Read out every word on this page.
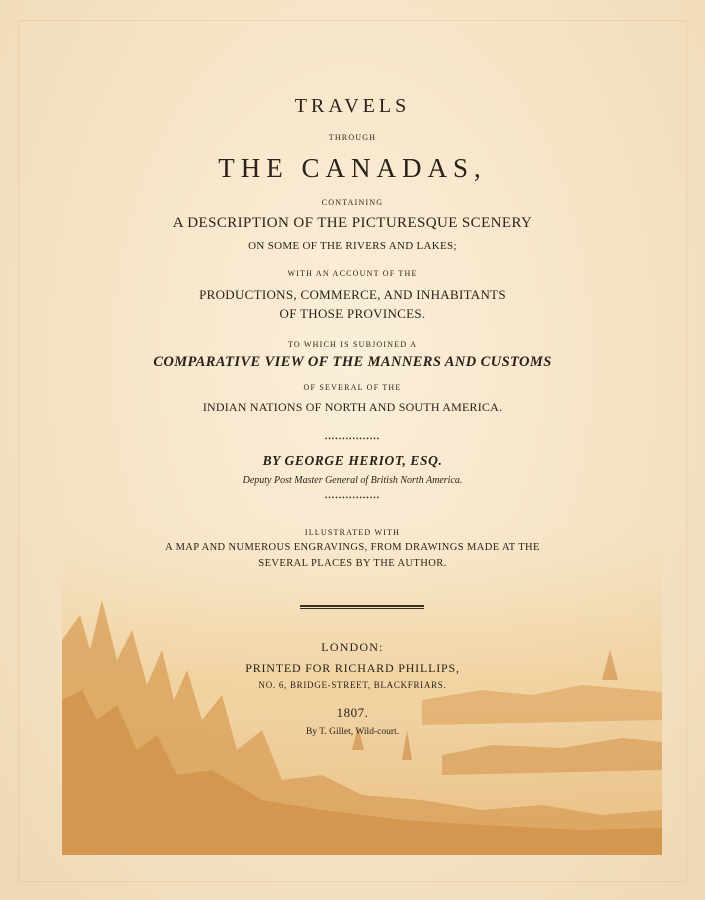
TRAVELS
THROUGH
THE CANADAS,
CONTAINING
A DESCRIPTION OF THE PICTURESQUE SCENERY
ON SOME OF THE RIVERS AND LAKES;
WITH AN ACCOUNT OF THE
PRODUCTIONS, COMMERCE, AND INHABITANTS
OF THOSE PROVINCES.
TO WHICH IS SUBJOINED A
COMPARATIVE VIEW OF THE MANNERS AND CUSTOMS
OF SEVERAL OF THE
INDIAN NATIONS OF NORTH AND SOUTH AMERICA.
••••••••••••••••
BY GEORGE HERIOT, ESQ.
Deputy Post Master General of British North America.
••••••••••••••••
ILLUSTRATED WITH
A MAP AND NUMEROUS ENGRAVINGS, FROM DRAWINGS MADE AT THE
SEVERAL PLACES BY THE AUTHOR.
LONDON:
PRINTED FOR RICHARD PHILLIPS,
NO. 6, BRIDGE-STREET, BLACKFRIARS.
1807.
By T. Gillet, Wild-court.
